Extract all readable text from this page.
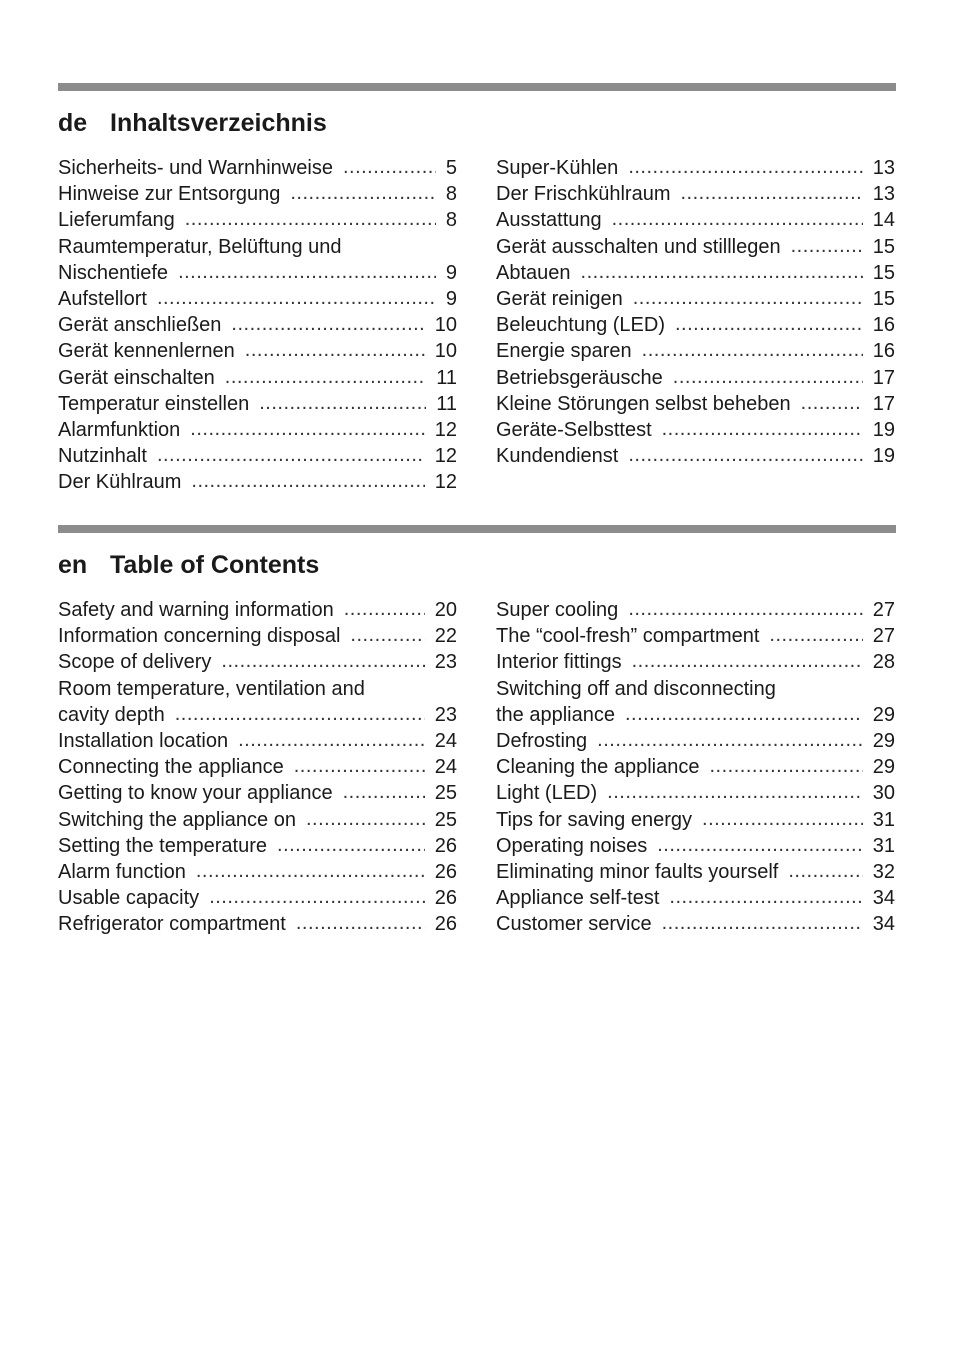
de Inhaltsverzeichnis
Sicherheits- und Warnhinweise .....	5
Hinweise zur Entsorgung .....	8
Lieferumfang .....	8
Raumtemperatur, Belüftung und
Nischentiefe .....	9
Aufstellort .....	9
Gerät anschließen .....	10
Gerät kennenlernen .....	10
Gerät einschalten .....	11
Temperatur einstellen .....	11
Alarmfunktion .....	12
Nutzinhalt .....	12
Der Kühlraum .....	12
Super-Kühlen .....	13
Der Frischkühlraum .....	13
Ausstattung .....	14
Gerät ausschalten und stilllegen .....	15
Abtauen .....	15
Gerät reinigen .....	15
Beleuchtung (LED) .....	16
Energie sparen .....	16
Betriebsgeräusche .....	17
Kleine Störungen selbst beheben .....	17
Geräte-Selbsttest .....	19
Kundendienst .....	19
en Table of Contents
Safety and warning information .....	20
Information concerning disposal .....	22
Scope of delivery .....	23
Room temperature, ventilation and
cavity depth .....	23
Installation location .....	24
Connecting the appliance .....	24
Getting to know your appliance .....	25
Switching the appliance on .....	25
Setting the temperature .....	26
Alarm function .....	26
Usable capacity .....	26
Refrigerator compartment .....	26
Super cooling .....	27
The “cool-fresh” compartment .....	27
Interior fittings .....	28
Switching off and disconnecting
the appliance .....	29
Defrosting .....	29
Cleaning the appliance .....	29
Light (LED) .....	30
Tips for saving energy .....	31
Operating noises .....	31
Eliminating minor faults yourself .....	32
Appliance self-test .....	34
Customer service .....	34
